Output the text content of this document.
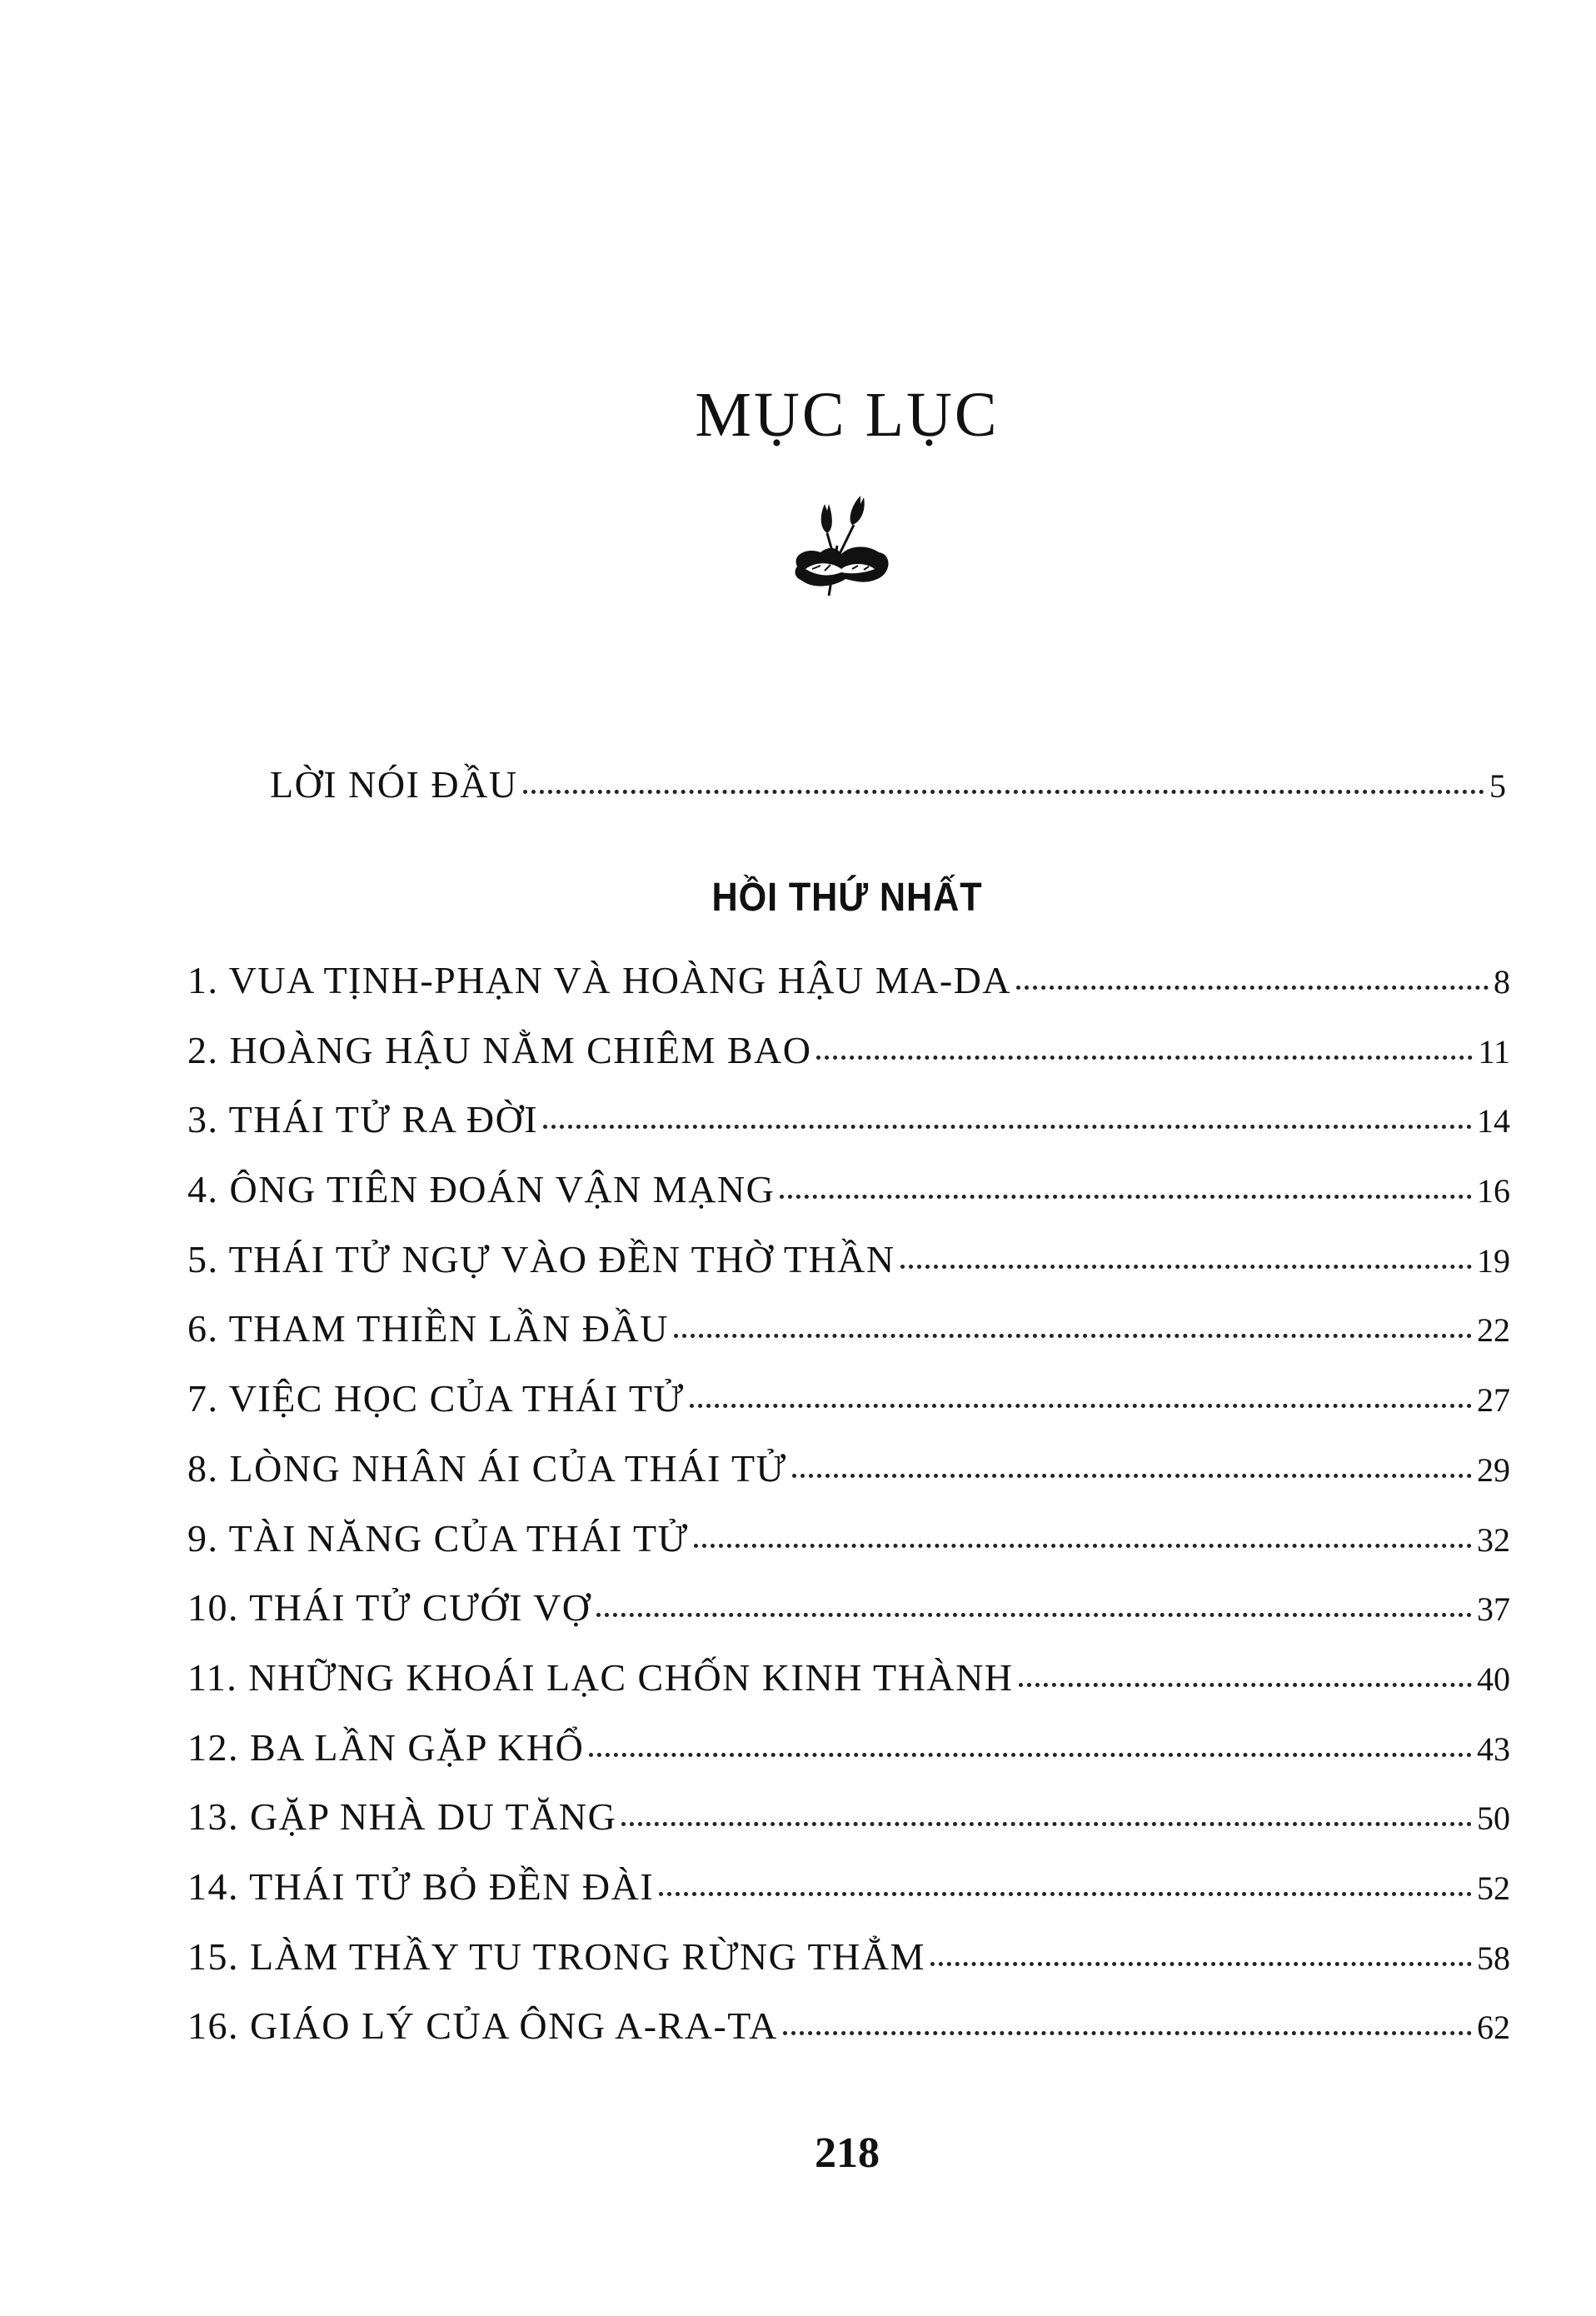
MỤC LỤC
LỜI NÓI ĐẦU	5
HỒI THỨ NHẤT
1. VUA TỊNH-PHẠN VÀ HOÀNG HẬU MA-DA	8
2. HOÀNG HẬU NẰM CHIÊM BAO	11
3. THÁI TỬ RA ĐỜI	14
4. ÔNG TIÊN ĐOÁN VẬN MẠNG	16
5. THÁI TỬ NGỰ VÀO ĐỀN THỜ THẦN	19
6. THAM THIỀN LẦN ĐẦU	22
7. VIỆC HỌC CỦA THÁI TỬ	27
8. LÒNG NHÂN ÁI CỦA THÁI TỬ	29
9. TÀI NĂNG CỦA THÁI TỬ	32
10. THÁI TỬ CƯỚI VỢ	37
11. NHỮNG KHOÁI LẠC CHỐN KINH THÀNH	40
12. BA LẦN GẶP KHỔ	43
13. GẶP NHÀ DU TĂNG	50
14. THÁI TỬ BỎ ĐỀN ĐÀI	52
15. LÀM THẦY TU TRONG RỪNG THẲM	58
16. GIÁO LÝ CỦA ÔNG A-RA-TA	62
218
